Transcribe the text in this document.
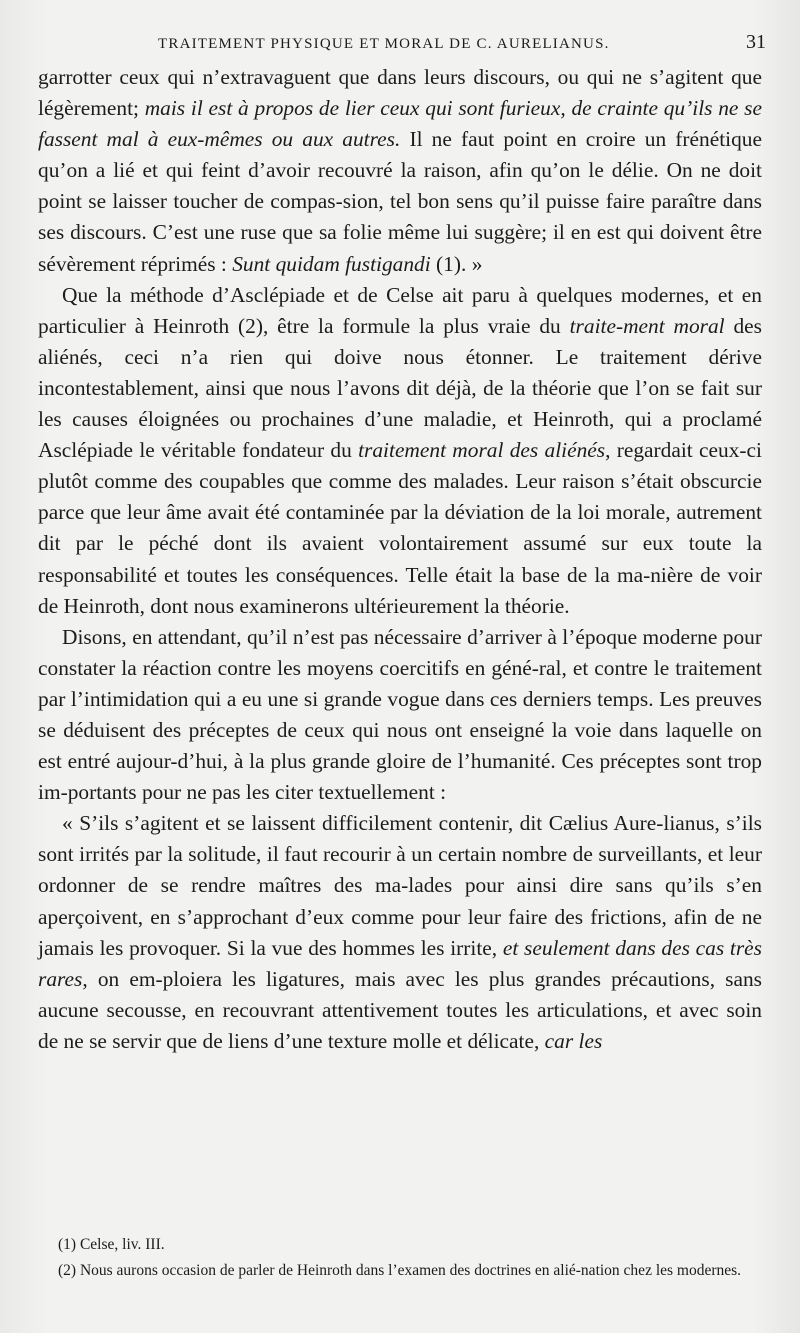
TRAITEMENT PHYSIQUE ET MORAL DE C. AURELIANUS.	31

garrotter ceux qui n’extravaguent que dans leurs discours, ou qui ne s’agitent que légèrement; mais il est à propos de lier ceux qui sont furieux, de crainte qu’ils ne se fassent mal à eux-mêmes ou aux autres. Il ne faut point en croire un frénétique qu’on a lié et qui feint d’avoir recouvré la raison, afin qu’on le délie. On ne doit point se laisser toucher de compas-sion, tel bon sens qu’il puisse faire paraître dans ses discours. C’est une ruse que sa folie même lui suggère; il en est qui doivent être sévèrement réprimés : Sunt quidam fustigandi (1). »

Que la méthode d’Asclépiade et de Celse ait paru à quelques modernes, et en particulier à Heinroth (2), être la formule la plus vraie du traite-ment moral des aliénés, ceci n’a rien qui doive nous étonner. Le traitement dérive incontestablement, ainsi que nous l’avons dit déjà, de la théorie que l’on se fait sur les causes éloignées ou prochaines d’une maladie, et Heinroth, qui a proclamé Asclépiade le véritable fondateur du traitement moral des aliénés, regardait ceux-ci plutôt comme des coupables que comme des malades. Leur raison s’était obscurcie parce que leur âme avait été contaminée par la déviation de la loi morale, autrement dit par le péché dont ils avaient volontairement assumé sur eux toute la responsabilité et toutes les conséquences. Telle était la base de la ma-nière de voir de Heinroth, dont nous examinerons ultérieurement la théorie.

Disons, en attendant, qu’il n’est pas nécessaire d’arriver à l’époque moderne pour constater la réaction contre les moyens coercitifs en géné-ral, et contre le traitement par l’intimidation qui a eu une si grande vogue dans ces derniers temps. Les preuves se déduisent des préceptes de ceux qui nous ont enseigné la voie dans laquelle on est entré aujour-d’hui, à la plus grande gloire de l’humanité. Ces préceptes sont trop im-portants pour ne pas les citer textuellement :

« S’ils s’agitent et se laissent difficilement contenir, dit Cælius Aure-lianus, s’ils sont irrités par la solitude, il faut recourir à un certain nombre de surveillants, et leur ordonner de se rendre maîtres des ma-lades pour ainsi dire sans qu’ils s’en aperçoivent, en s’approchant d’eux comme pour leur faire des frictions, afin de ne jamais les provoquer. Si la vue des hommes les irrite, et seulement dans des cas très rares, on em-ploiera les ligatures, mais avec les plus grandes précautions, sans aucune secousse, en recouvrant attentivement toutes les articulations, et avec soin de ne se servir que de liens d’une texture molle et délicate, car les

(1) Celse, liv. III.

(2) Nous aurons occasion de parler de Heinroth dans l’examen des doctrines en alié-nation chez les modernes.
